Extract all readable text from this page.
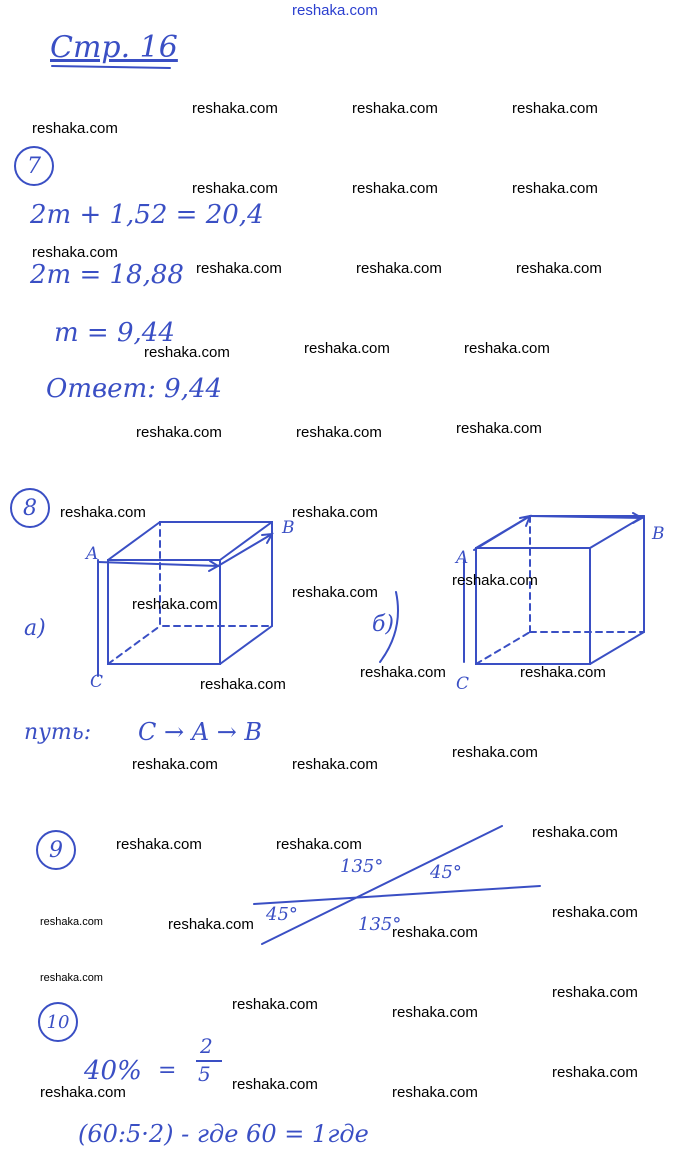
reshaka.com
Стр. 16
7
2m + 1,52 = 20,4
2m = 18,88
m = 9,44
Ответ: 9,44
8
а)	б)
A
B
C
A
B
C
путь: C → A → B
9
135°	45°
45°	135°
10
40% =
2
5
(60:5·2) - где 60 = 1где
reshaka.com	reshaka.com	reshaka.com
reshaka.com
reshaka.com	reshaka.com	reshaka.com
reshaka.com
reshaka.com	reshaka.com	reshaka.com
reshaka.com	reshaka.com	reshaka.com
reshaka.com	reshaka.com	reshaka.com
reshaka.com	reshaka.com
reshaka.com
reshaka.com
reshaka.com
reshaka.com	reshaka.com
reshaka.com
reshaka.com
reshaka.com	reshaka.com
reshaka.com
reshaka.com	reshaka.com
reshaka.com
reshaka.com	reshaka.com	reshaka.com
reshaka.com
reshaka.com
reshaka.com	reshaka.com
reshaka.com
reshaka.com
reshaka.com	reshaka.com
